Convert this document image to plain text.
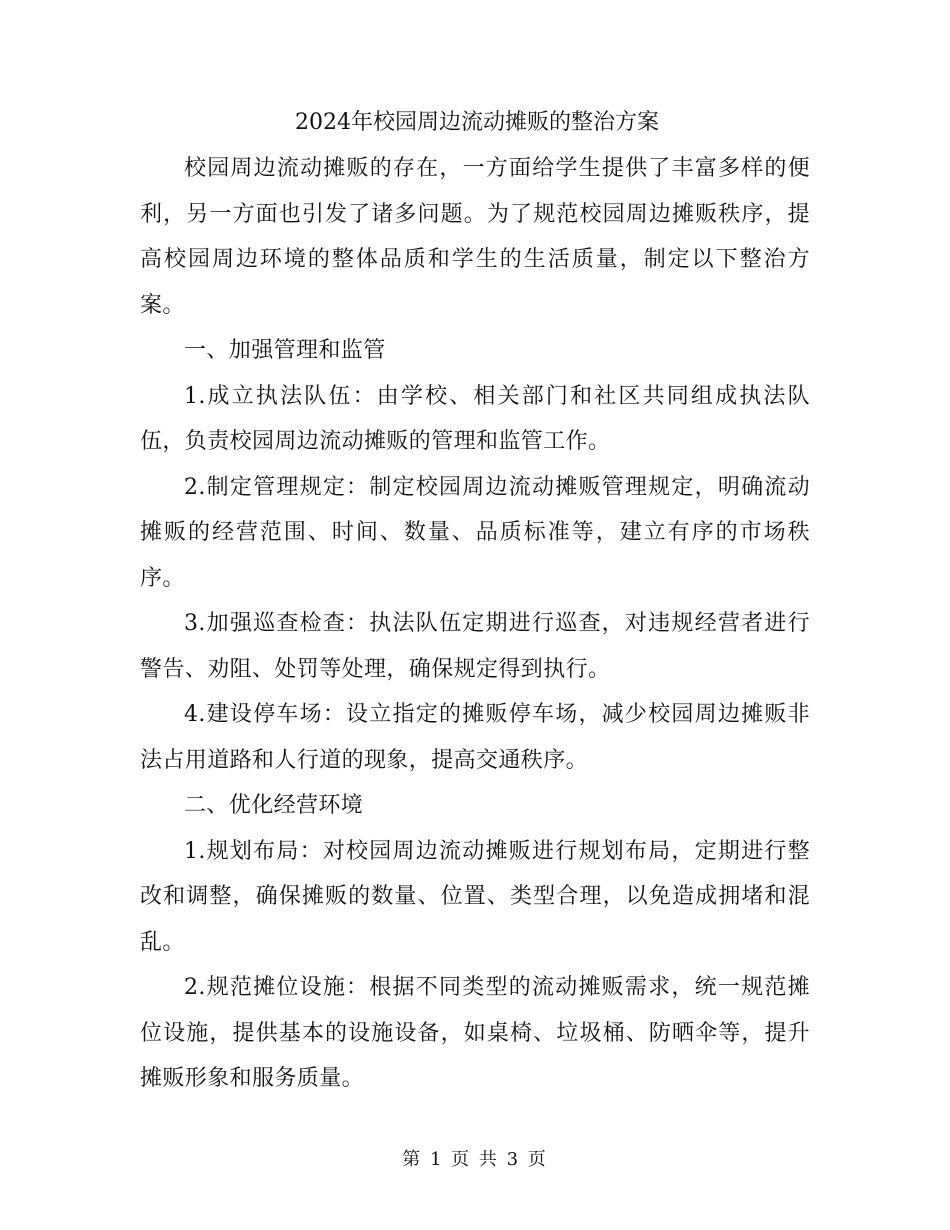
2024年校园周边流动摊贩的整治方案

校园周边流动摊贩的存在，一方面给学生提供了丰富多样的便利，另一方面也引发了诸多问题。为了规范校园周边摊贩秩序，提高校园周边环境的整体品质和学生的生活质量，制定以下整治方案。

一、加强管理和监管

1.成立执法队伍：由学校、相关部门和社区共同组成执法队伍，负责校园周边流动摊贩的管理和监管工作。

2.制定管理规定：制定校园周边流动摊贩管理规定，明确流动摊贩的经营范围、时间、数量、品质标准等，建立有序的市场秩序。

3.加强巡查检查：执法队伍定期进行巡查，对违规经营者进行警告、劝阻、处罚等处理，确保规定得到执行。

4.建设停车场：设立指定的摊贩停车场，减少校园周边摊贩非法占用道路和人行道的现象，提高交通秩序。

二、优化经营环境

1.规划布局：对校园周边流动摊贩进行规划布局，定期进行整改和调整，确保摊贩的数量、位置、类型合理，以免造成拥堵和混乱。

2.规范摊位设施：根据不同类型的流动摊贩需求，统一规范摊位设施，提供基本的设施设备，如桌椅、垃圾桶、防晒伞等，提升摊贩形象和服务质量。

第 1 页 共 3 页
